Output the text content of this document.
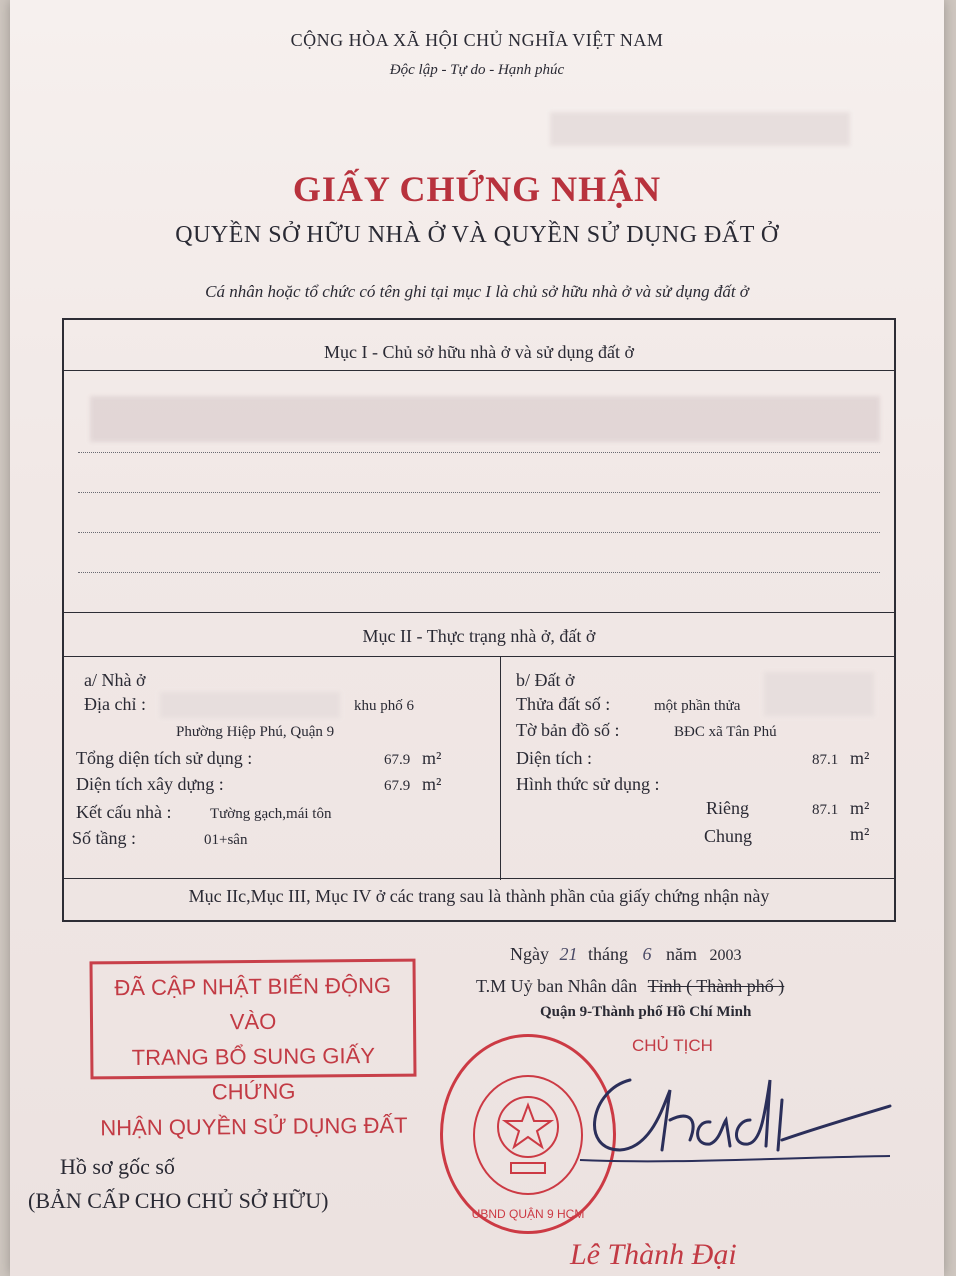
CỘNG HÒA XÃ HỘI CHỦ NGHĨA VIỆT NAM
Độc lập - Tự do - Hạnh phúc
GIẤY CHỨNG NHẬN
QUYỀN SỞ HỮU NHÀ Ở VÀ QUYỀN SỬ DỤNG ĐẤT Ở
Cá nhân hoặc tổ chức có tên ghi tại mục I là chủ sở hữu nhà ở và sử dụng đất ở
Mục I - Chủ sở hữu nhà ở và sử dụng đất ở
Mục II - Thực trạng nhà ở, đất ở
a/ Nhà ở
Địa chỉ :	khu phố 6
Phường Hiệp Phú, Quận 9
Tổng diện tích sử dụng :	67.9 m²
Diện tích xây dựng :	67.9 m²
Kết cấu nhà :	Tường gạch,mái tôn
Số tầng :	01+sân
b/ Đất ở
Thửa đất số :	một phần thửa
Tờ bản đồ số :	BĐC xã Tân Phú
Diện tích :	87.1 m²
Hình thức sử dụng :
Riêng	87.1 m²
Chung	m²
Mục IIc,Mục III, Mục IV ở các trang sau là thành phần của giấy chứng nhận này
Ngày 21 tháng 6 năm 2003
T.M Uỷ ban Nhân dân Tỉnh ( Thành phố )
Quận 9-Thành phố Hồ Chí Minh
CHỦ TỊCH
ĐÃ CẬP NHẬT BIẾN ĐỘNG VÀO
TRANG BỔ SUNG GIẤY CHỨNG
NHẬN QUYỀN SỬ DỤNG ĐẤT
UBND QUẬN 9 HCM
Hồ sơ gốc số
(BẢN CẤP CHO CHỦ SỞ HỮU)
Lê Thành Đại
